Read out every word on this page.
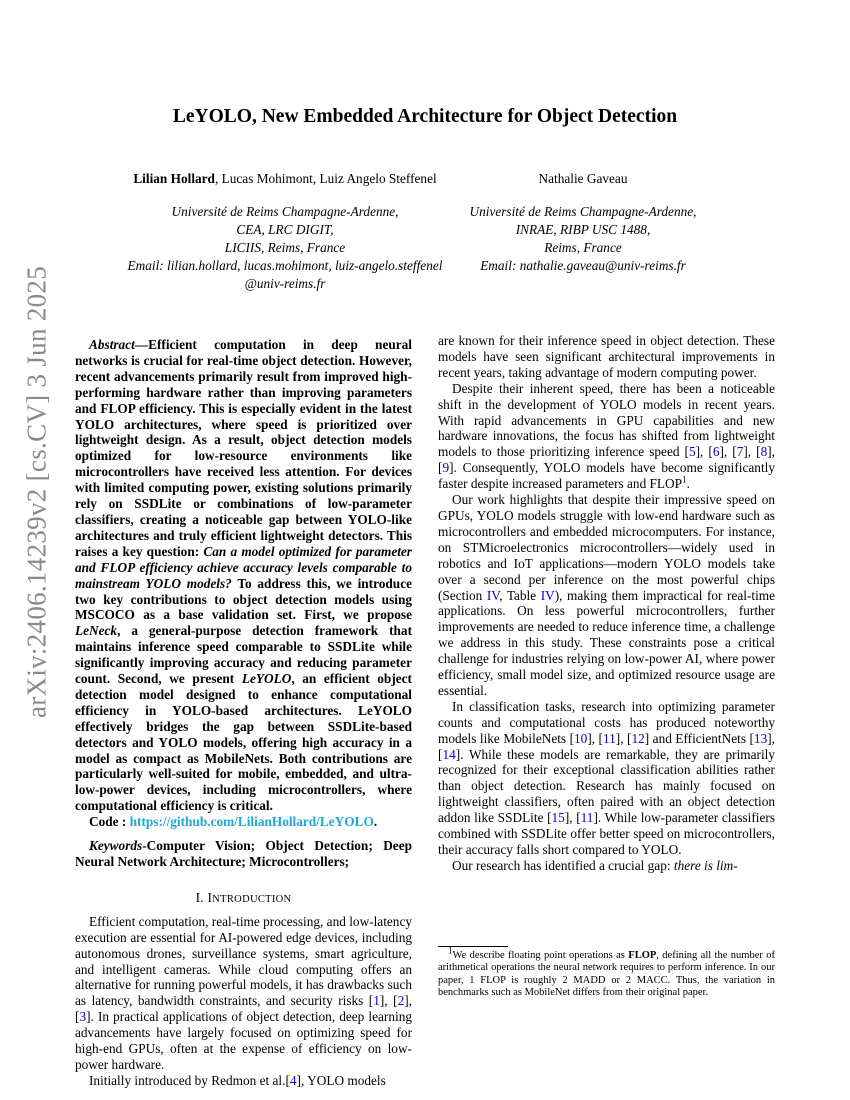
arXiv:2406.14239v2 [cs.CV] 3 Jun 2025
LeYOLO, New Embedded Architecture for Object Detection
Lilian Hollard, Lucas Mohimont, Luiz Angelo Steffenel	Nathalie Gaveau
Université de Reims Champagne-Ardenne,
CEA, LRC DIGIT,
LICIIS, Reims, France
Email: lilian.hollard, lucas.mohimont, luiz-angelo.steffenel
@univ-reims.fr
Université de Reims Champagne-Ardenne,
INRAE, RIBP USC 1488,
Reims, France
Email: nathalie.gaveau@univ-reims.fr

Abstract—Efficient computation in deep neural networks is crucial for real-time object detection. However, recent advancements primarily result from improved high-performing hardware rather than improving parameters and FLOP efficiency. This is especially evident in the latest YOLO architectures, where speed is prioritized over lightweight design. As a result, object detection models optimized for low-resource environments like microcontrollers have received less attention. For devices with limited computing power, existing solutions primarily rely on SSDLite or combinations of low-parameter classifiers, creating a noticeable gap between YOLO-like architectures and truly efficient lightweight detectors. This raises a key question: Can a model optimized for parameter and FLOP efficiency achieve accuracy levels comparable to mainstream YOLO models? To address this, we introduce two key contributions to object detection models using MSCOCO as a base validation set. First, we propose LeNeck, a general-purpose detection framework that maintains inference speed comparable to SSDLite while significantly improving accuracy and reducing parameter count. Second, we present LeYOLO, an efficient object detection model designed to enhance computational efficiency in YOLO-based architectures. LeYOLO effectively bridges the gap between SSDLite-based detectors and YOLO models, offering high accuracy in a model as compact as MobileNets. Both contributions are particularly well-suited for mobile, embedded, and ultra-low-power devices, including microcontrollers, where computational efficiency is critical.

Code : https://github.com/LilianHollard/LeYOLO.

Keywords-Computer Vision; Object Detection; Deep Neural Network Architecture; Microcontrollers;

I. INTRODUCTION

Efficient computation, real-time processing, and low-latency execution are essential for AI-powered edge devices, including autonomous drones, surveillance systems, smart agriculture, and intelligent cameras. While cloud computing offers an alternative for running powerful models, it has drawbacks such as latency, bandwidth constraints, and security risks [1], [2], [3]. In practical applications of object detection, deep learning advancements have largely focused on optimizing speed for high-end GPUs, often at the expense of efficiency on low-power hardware.

Initially introduced by Redmon et al.[4], YOLO models

are known for their inference speed in object detection. These models have seen significant architectural improvements in recent years, taking advantage of modern computing power.

Despite their inherent speed, there has been a noticeable shift in the development of YOLO models in recent years. With rapid advancements in GPU capabilities and new hardware innovations, the focus has shifted from lightweight models to those prioritizing inference speed [5], [6], [7], [8], [9]. Consequently, YOLO models have become significantly faster despite increased parameters and FLOP$^1$.

Our work highlights that despite their impressive speed on GPUs, YOLO models struggle with low-end hardware such as microcontrollers and embedded microcomputers. For instance, on STMicroelectronics microcontrollers—widely used in robotics and IoT applications—modern YOLO models take over a second per inference on the most powerful chips (Section IV, Table IV), making them impractical for real-time applications. On less powerful microcontrollers, further improvements are needed to reduce inference time, a challenge we address in this study. These constraints pose a critical challenge for industries relying on low-power AI, where power efficiency, small model size, and optimized resource usage are essential.

In classification tasks, research into optimizing parameter counts and computational costs has produced noteworthy models like MobileNets [10], [11], [12] and EfficientNets [13], [14]. While these models are remarkable, they are primarily recognized for their exceptional classification abilities rather than object detection. Research has mainly focused on lightweight classifiers, often paired with an object detection addon like SSDLite [15], [11]. While low-parameter classifiers combined with SSDLite offer better speed on microcontrollers, their accuracy falls short compared to YOLO.

Our research has identified a crucial gap: there is lim-

1We describe floating point operations as FLOP, defining all the number of arithmetical operations the neural network requires to perform inference. In our paper, 1 FLOP is roughly 2 MADD or 2 MACC. Thus, the variation in benchmarks such as MobileNet differs from their original paper.
